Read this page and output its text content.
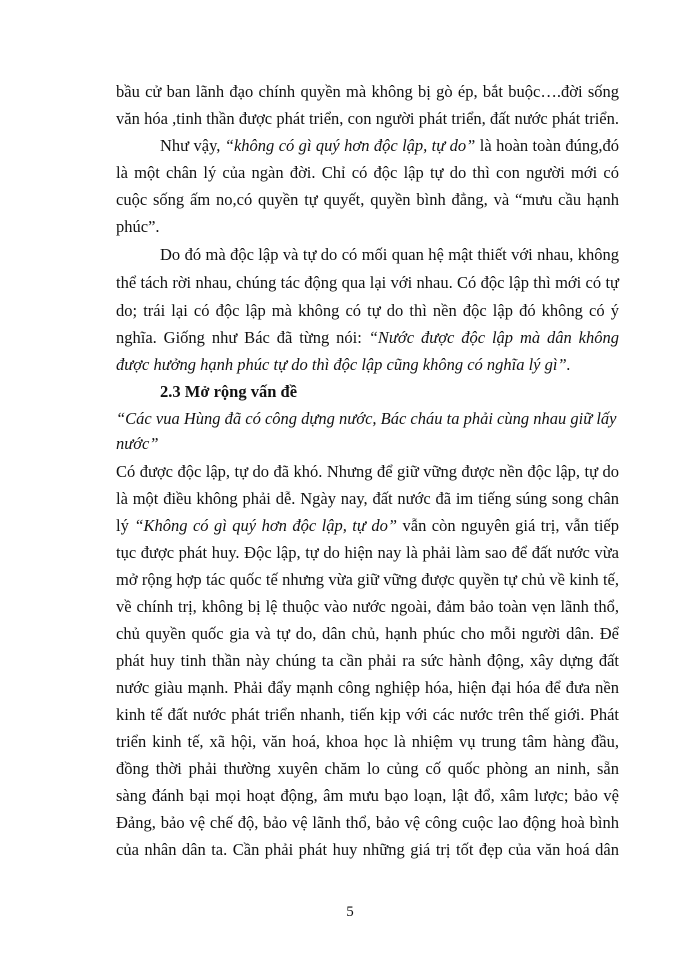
bầu cử ban lãnh đạo chính quyền mà không bị gò ép, bắt buộc….đời sống
văn hóa ,tinh thần được phát triển, con người phát triển, đất nước phát triển.
Như vậy, “không có gì quý hơn độc lập, tự do” là hoàn toàn đúng,đó
là một chân lý của ngàn đời. Chỉ có độc lập tự do thì con người mới có
cuộc sống ấm no,có quyền tự quyết, quyền bình đẳng, và “mưu cầu hạnh
phúc”.
Do đó mà độc lập và tự do có mối quan hệ mật thiết với nhau, không
thể tách rời nhau, chúng tác động qua lại với nhau. Có độc lập thì mới có tự
do; trái lại có độc lập mà không có tự do thì nền độc lập đó không có ý
nghĩa. Giống như Bác đã từng nói: “Nước được độc lập mà dân không
được hưởng hạnh phúc tự do thì độc lập cũng không có nghĩa lý gì”.
2.3 Mở rộng vấn đề
“Các vua Hùng đã có công dựng nước, Bác cháu ta phải cùng nhau giữ lấy
nước”
Có được độc lập, tự do đã khó. Nhưng để giữ vững được nền độc lập, tự do
là một điều không phải dễ. Ngày nay, đất nước đã im tiếng súng song chân
lý “Không có gì quý hơn độc lập, tự do” vẫn còn nguyên giá trị, vẫn tiếp
tục được phát huy. Độc lập, tự do hiện nay là phải làm sao để đất nước vừa
mở rộng hợp tác quốc tế nhưng vừa giữ vững được quyền tự chủ về kinh tế,
về chính trị, không bị lệ thuộc vào nước ngoài, đảm bảo toàn vẹn lãnh thổ,
chủ quyền quốc gia và tự do, dân chủ, hạnh phúc cho mỗi người dân. Để
phát huy tinh thần này chúng ta cần phải ra sức hành động, xây dựng đất
nước giàu mạnh. Phải đẩy mạnh công nghiệp hóa, hiện đại hóa để đưa nền
kinh tế đất nước phát triển nhanh, tiến kịp với các nước trên thế giới. Phát
triển kinh tế, xã hội, văn hoá, khoa học là nhiệm vụ trung tâm hàng đầu,
đồng thời phải thường xuyên chăm lo củng cố quốc phòng an ninh, sẵn
sàng đánh bại mọi hoạt động, âm mưu bạo loạn, lật đổ, xâm lược; bảo vệ
Đảng, bảo vệ chế độ, bảo vệ lãnh thổ, bảo vệ công cuộc lao động hoà bình
của nhân dân ta. Cần phải phát huy những giá trị tốt đẹp của văn hoá dân
5
